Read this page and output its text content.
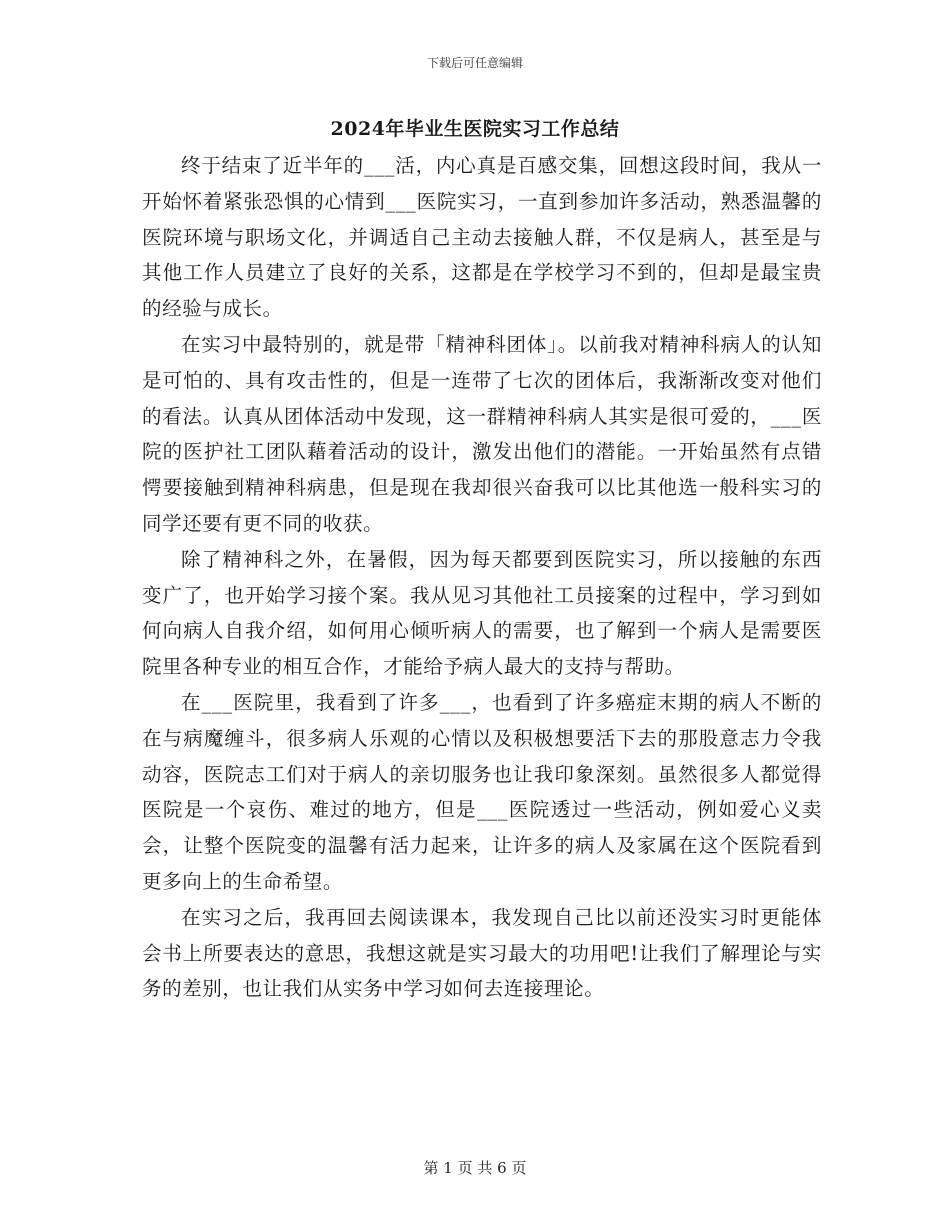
下载后可任意编辑
2024年毕业生医院实习工作总结

终于结束了近半年的___活，内心真是百感交集，回想这段时间，我从一开始怀着紧张恐惧的心情到___医院实习，一直到参加许多活动，熟悉温馨的医院环境与职场文化，并调适自己主动去接触人群，不仅是病人，甚至是与其他工作人员建立了良好的关系，这都是在学校学习不到的，但却是最宝贵的经验与成长。

在实习中最特别的，就是带「精神科团体」。以前我对精神科病人的认知是可怕的、具有攻击性的，但是一连带了七次的团体后，我渐渐改变对他们的看法。认真从团体活动中发现，这一群精神科病人其实是很可爱的，___医院的医护社工团队藉着活动的设计，激发出他们的潜能。一开始虽然有点错愕要接触到精神科病患，但是现在我却很兴奋我可以比其他选一般科实习的同学还要有更不同的收获。

除了精神科之外，在暑假，因为每天都要到医院实习，所以接触的东西变广了，也开始学习接个案。我从见习其他社工员接案的过程中，学习到如何向病人自我介绍，如何用心倾听病人的需要，也了解到一个病人是需要医院里各种专业的相互合作，才能给予病人最大的支持与帮助。

在___医院里，我看到了许多___，也看到了许多癌症末期的病人不断的在与病魔缠斗，很多病人乐观的心情以及积极想要活下去的那股意志力令我动容，医院志工们对于病人的亲切服务也让我印象深刻。虽然很多人都觉得医院是一个哀伤、难过的地方，但是___医院透过一些活动，例如爱心义卖会，让整个医院变的温馨有活力起来，让许多的病人及家属在这个医院看到更多向上的生命希望。

在实习之后，我再回去阅读课本，我发现自己比以前还没实习时更能体会书上所要表达的意思，我想这就是实习最大的功用吧!让我们了解理论与实务的差别，也让我们从实务中学习如何去连接理论。

第 1 页 共 6 页
